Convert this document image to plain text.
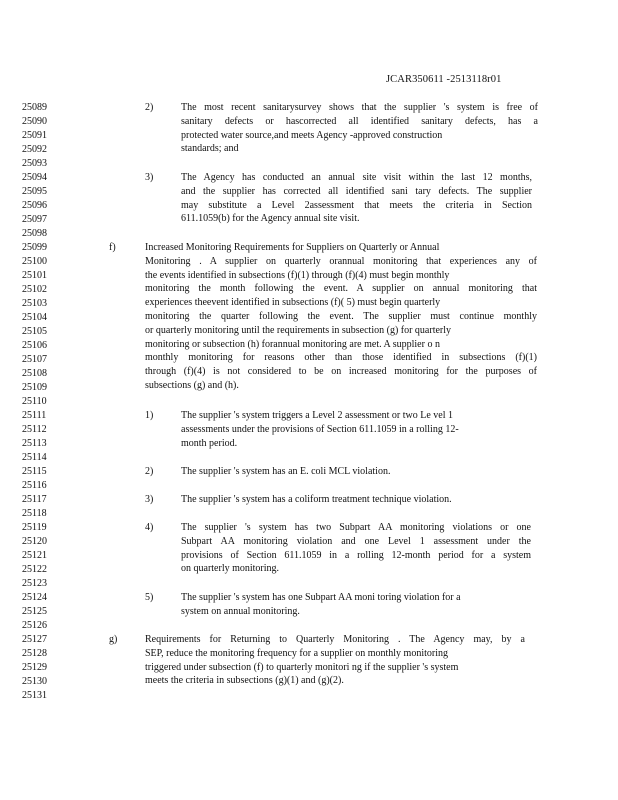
JCAR350611 -2513118r01
25089
25090
25091
25092
25093
25094
25095
25096
25097
25098
25099
25100
25101
25102
25103
25104
25105
25106
25107
25108
25109
25110
25111
25112
25113
25114
25115
25116
25117
25118
25119
25120
25121
25122
25123
25124
25125
25126
25127
25128
25129
25130
25131
2)	The most recent sanitarysurvey shows that the supplier 's system is free of
sanitary defects or hascorrected all identified sanitary defects, has a
protected water source,and meets Agency -approved construction
standards; and
3)	The Agency has conducted an annual site visit within the last 12 months,
and the supplier has corrected all identified sani tary defects. The supplier
may substitute a Level 2assessment that meets the criteria in Section
611.1059(b) for the Agency annual site visit.
f)	Increased Monitoring Requirements for Suppliers on Quarterly or Annual
Monitoring . A supplier on quarterly orannual monitoring that experiences any of
the events identified in subsections (f)(1) through (f)(4) must begin monthly
monitoring the month following the event. A supplier on annual monitoring that
experiences theevent identified in subsections (f)( 5) must begin quarterly
monitoring the quarter following the event. The supplier must continue monthly
or quarterly monitoring until the requirements in subsection (g) for quarterly
monitoring or subsection (h) forannual monitoring are met. A supplier o n
monthly monitoring for reasons other than those identified in subsections (f)(1)
through (f)(4) is not considered to be on increased monitoring for the purposes of
subsections (g) and (h).
1)	The supplier 's system triggers a Level 2 assessment or two Le vel 1
assessments under the provisions of Section 611.1059 in a rolling 12-
month period.
2)	The supplier 's system has an E. coli MCL violation.
3)	The supplier 's system has a coliform treatment technique violation.
4)	The supplier 's system has two Subpart AA monitoring violations or one
Subpart AA monitoring violation and one Level 1 assessment under the
provisions of Section 611.1059 in a rolling 12-month period for a system
on quarterly monitoring.
5)	The supplier 's system has one Subpart AA moni toring violation for a
system on annual monitoring.
g)	Requirements for Returning to Quarterly Monitoring . The Agency may, by a
SEP, reduce the monitoring frequency for a supplier on monthly monitoring
triggered under subsection (f) to quarterly monitori ng if the supplier 's system
meets the criteria in subsections (g)(1) and (g)(2).
